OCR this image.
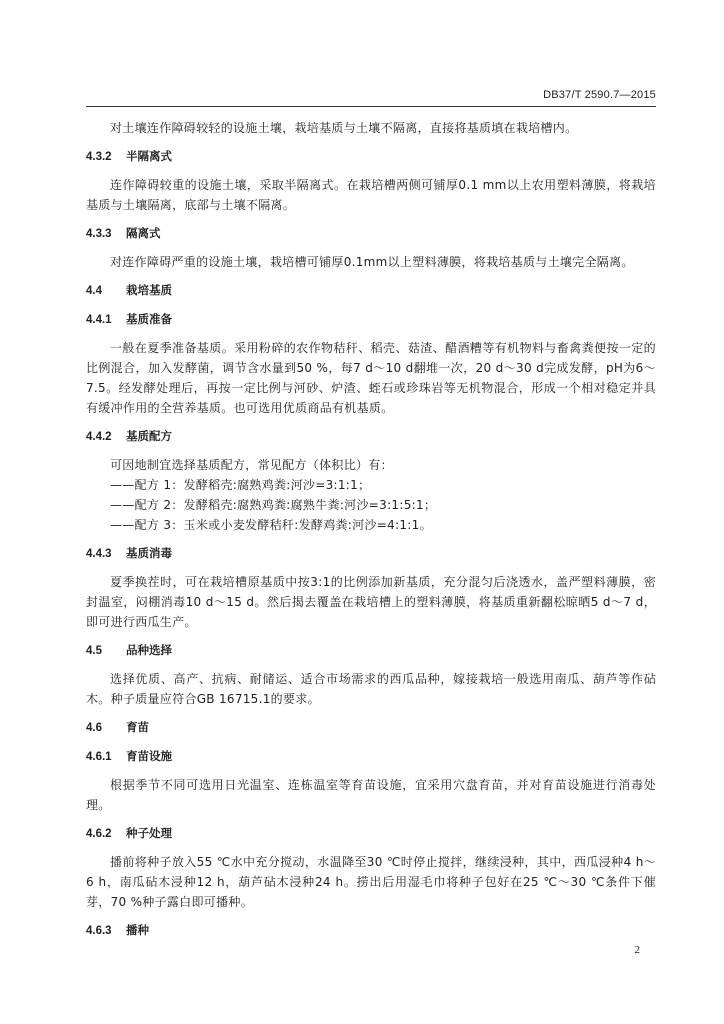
DB37/T 2590.7—2015

对土壤连作障碍较轻的设施土壤，栽培基质与土壤不隔离，直接将基质填在栽培槽内。

4.3.2 半隔离式

连作障碍较重的设施土壤，采取半隔离式。在栽培槽两侧可铺厚0.1 mm以上农用塑料薄膜，将栽培基质与土壤隔离，底部与土壤不隔离。

4.3.3 隔离式

对连作障碍严重的设施土壤，栽培槽可铺厚0.1mm以上塑料薄膜，将栽培基质与土壤完全隔离。

4.4 栽培基质
4.4.1 基质准备

一般在夏季准备基质。采用粉碎的农作物秸秆、稻壳、菇渣、醋酒糟等有机物料与畜禽粪便按一定的比例混合，加入发酵菌，调节含水量到50 %，每7 d～10 d翻堆一次，20 d～30 d完成发酵，pH为6～7.5。经发酵处理后，再按一定比例与河砂、炉渣、蛭石或珍珠岩等无机物混合，形成一个相对稳定并具有缓冲作用的全营养基质。也可选用优质商品有机基质。

4.4.2 基质配方

可因地制宜选择基质配方，常见配方（体积比）有：

——配方 1：发酵稻壳:腐熟鸡粪:河沙=3:1:1；
——配方 2：发酵稻壳:腐熟鸡粪:腐熟牛粪:河沙=3:1:5:1；
——配方 3：玉米或小麦发酵秸秆:发酵鸡粪:河沙=4:1:1。
4.4.3 基质消毒

夏季换茬时，可在栽培槽原基质中按3:1的比例添加新基质，充分混匀后浇透水，盖严塑料薄膜，密封温室，闷棚消毒10 d～15 d。然后揭去覆盖在栽培槽上的塑料薄膜，将基质重新翻松晾晒5 d～7 d，即可进行西瓜生产。

4.5 品种选择

选择优质、高产、抗病、耐储运、适合市场需求的西瓜品种，嫁接栽培一般选用南瓜、葫芦等作砧木。种子质量应符合GB 16715.1的要求。

4.6 育苗
4.6.1 育苗设施

根据季节不同可选用日光温室、连栋温室等育苗设施，宜采用穴盘育苗，并对育苗设施进行消毒处理。

4.6.2 种子处理

播前将种子放入55 ℃水中充分搅动，水温降至30 ℃时停止搅拌，继续浸种，其中，西瓜浸种4 h～6 h，南瓜砧木浸种12 h，葫芦砧木浸种24 h。捞出后用湿毛巾将种子包好在25 ℃～30 ℃条件下催芽，70 %种子露白即可播种。

4.6.3 播种
2
